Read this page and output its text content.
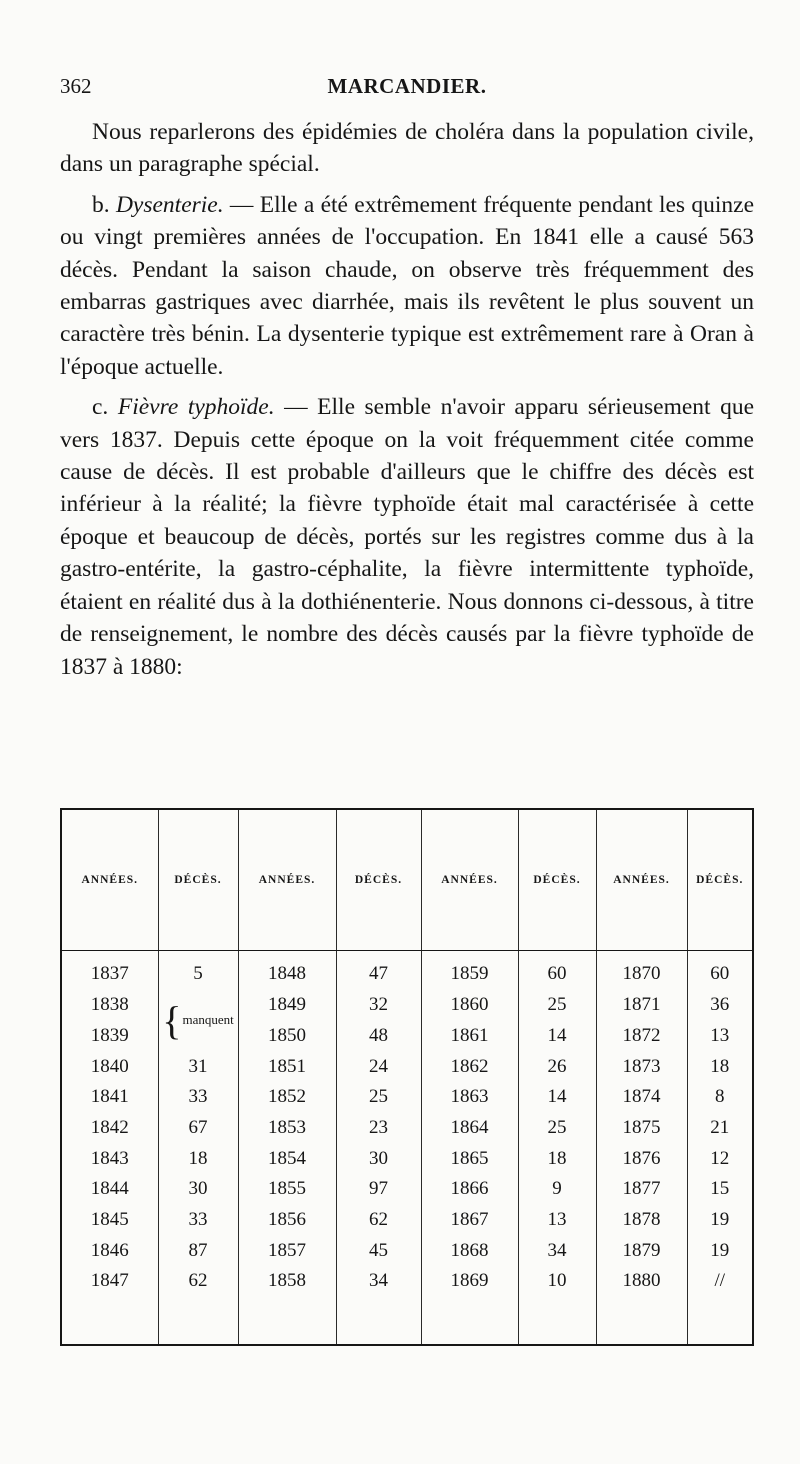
362	MARCANDIER.

Nous reparlerons des épidémies de choléra dans la population civile, dans un paragraphe spécial.

b. Dysenterie. — Elle a été extrêmement fréquente pendant les quinze ou vingt premières années de l'occupation. En 1841 elle a causé 563 décès. Pendant la saison chaude, on observe très fréquemment des embarras gastriques avec diarrhée, mais ils revêtent le plus souvent un caractère très bénin. La dysenterie typique est extrêmement rare à Oran à l'époque actuelle.

c. Fièvre typhoïde. — Elle semble n'avoir apparu sérieusement que vers 1837. Depuis cette époque on la voit fréquemment citée comme cause de décès. Il est probable d'ailleurs que le chiffre des décès est inférieur à la réalité; la fièvre typhoïde était mal caractérisée à cette époque et beaucoup de décès, portés sur les registres comme dus à la gastro-entérite, la gastro-céphalite, la fièvre intermittente typhoïde, étaient en réalité dus à la dothiénenterie. Nous donnons ci-dessous, à titre de renseignement, le nombre des décès causés par la fièvre typhoïde de 1837 à 1880:

ANNÉES.	DÉCÈS.	ANNÉES.	DÉCÈS.	ANNÉES.	DÉCÈS.	ANNÉES.	DÉCÈS.
1837	5	1848	47	1859	60	1870	60
1838	{manquent	1849	32	1860	25	1871	36
1839		1850	48	1861	14	1872	13
1840	31	1851	24	1862	26	1873	18
1841	33	1852	25	1863	14	1874	8
1842	67	1853	23	1864	25	1875	21
1843	18	1854	30	1865	18	1876	12
1844	30	1855	97	1866	9	1877	15
1845	33	1856	62	1867	13	1878	19
1846	87	1857	45	1868	34	1879	19
1847	62	1858	34	1869	10	1880	//
